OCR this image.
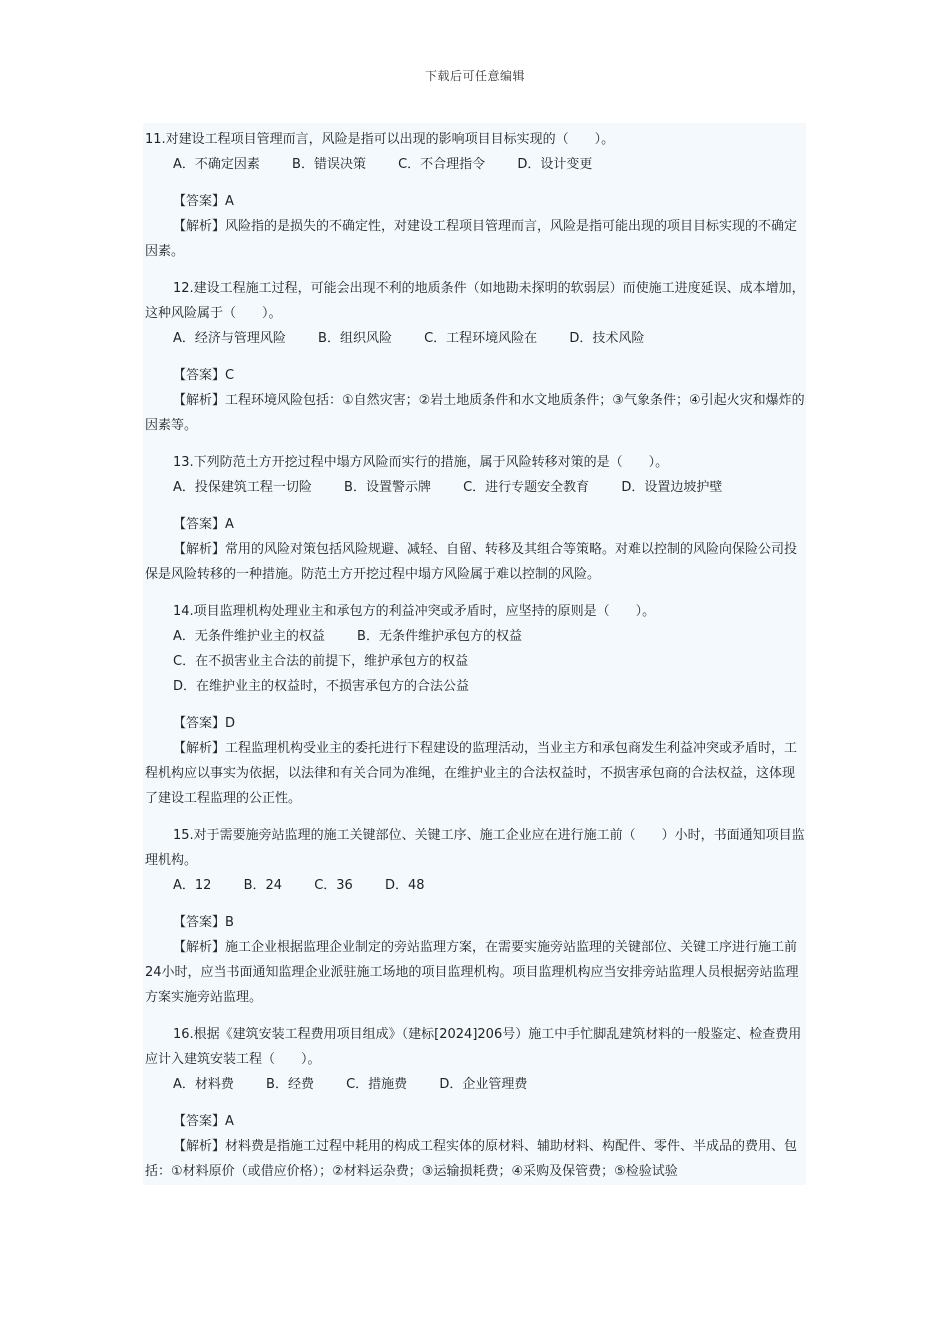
下载后可任意编辑
11.对建设工程项目管理而言，风险是指可以出现的影响项目目标实现的（　　）。
A．不确定因素 B．错误决策 C．不合理指令 D．设计变更
【答案】A
【解析】风险指的是损失的不确定性，对建设工程项目管理而言，风险是指可能出现的项目目标实现的不确定因素。
12.建设工程施工过程，可能会出现不利的地质条件（如地勘未探明的软弱层）而使施工进度延误、成本增加，这种风险属于（　　）。
A．经济与管理风险 B．组织风险 C．工程环境风险在 D．技术风险
【答案】C
【解析】工程环境风险包括：①自然灾害；②岩土地质条件和水文地质条件；③气象条件；④引起火灾和爆炸的因素等。
13.下列防范土方开挖过程中塌方风险而实行的措施，属于风险转移对策的是（　　）。
A．投保建筑工程一切险 B．设置警示牌 C．进行专题安全教育 D．设置边坡护壁
【答案】A
【解析】常用的风险对策包括风险规避、减轻、自留、转移及其组合等策略。对难以控制的风险向保险公司投保是风险转移的一种措施。防范土方开挖过程中塌方风险属于难以控制的风险。
14.项目监理机构处理业主和承包方的利益冲突或矛盾时，应坚持的原则是（　　）。
A．无条件维护业主的权益 B．无条件维护承包方的权益
C．在不损害业主合法的前提下，维护承包方的权益
D．在维护业主的权益时，不损害承包方的合法公益
【答案】D
【解析】工程监理机构受业主的委托进行下程建设的监理活动，当业主方和承包商发生利益冲突或矛盾时，工程机构应以事实为依据，以法律和有关合同为准绳，在维护业主的合法权益时，不损害承包商的合法权益，这体现了建设工程监理的公正性。
15.对于需要施旁站监理的施工关键部位、关键工序、施工企业应在进行施工前（　　）小时，书面通知项目监理机构。
A．12 B．24 C．36 D．48
【答案】B
【解析】施工企业根据监理企业制定的旁站监理方案，在需要实施旁站监理的关键部位、关键工序进行施工前24小时，应当书面通知监理企业派驻施工场地的项目监理机构。项目监理机构应当安排旁站监理人员根据旁站监理方案实施旁站监理。
16.根据《建筑安装工程费用项目组成》（建标[2024]206号）施工中手忙脚乱建筑材料的一般鉴定、检查费用应计入建筑安装工程（　　）。
A．材料费 B．经费 C．措施费 D．企业管理费
【答案】A
【解析】材料费是指施工过程中耗用的构成工程实体的原材料、辅助材料、构配件、零件、半成品的费用、包括：①材料原价（或借应价格）；②材料运杂费；③运输损耗费；④采购及保管费；⑤检验试验
